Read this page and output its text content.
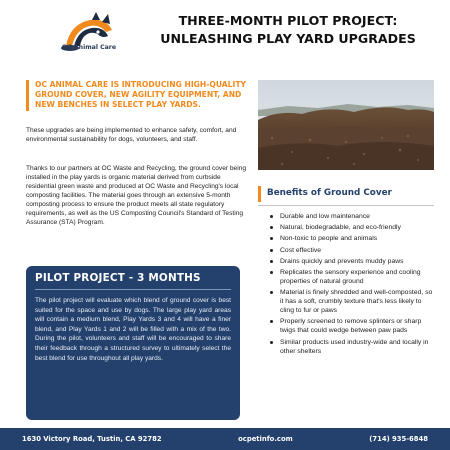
OC Animal Care
THREE-MONTH PILOT PROJECT:
UNLEASHING PLAY YARD UPGRADES
OC ANIMAL CARE IS INTRODUCING HIGH-QUALITY GROUND COVER, NEW AGILITY EQUIPMENT, AND NEW BENCHES IN SELECT PLAY YARDS.
These upgrades are being implemented to enhance safety, comfort, and environmental sustainability for dogs, volunteers, and staff.
Thanks to our partners at OC Waste and Recycling, the ground cover being installed in the play yards is organic material derived from curbside residential green waste and produced at OC Waste and Recycling's local composting facilities. The material goes through an extensive 5-month composting process to ensure the product meets all state regulatory requirements, as well as the US Composting Council's Standard of Testing Assurance (STA) Program.
PILOT PROJECT - 3 MONTHS
The pilot project will evaluate which blend of ground cover is best suited for the space and use by dogs. The large play yard areas will contain a medium blend, Play Yards 3 and 4 will have a finer blend, and Play Yards 1 and 2 will be filled with a mix of the two. During the pilot, volunteers and staff will be encouraged to share their feedback through a structured survey to ultimately select the best blend for use throughout all play yards.
Benefits of Ground Cover
Durable and low maintenance
Natural, biodegradable, and eco-friendly
Non-toxic to people and animals
Cost effective
Drains quickly and prevents muddy paws
Replicates the sensory experience and cooling properties of natural ground
Material is finely shredded and well-composted, so it has a soft, crumbly texture that's less likely to cling to fur or paws
Properly screened to remove splinters or sharp twigs that could wedge between paw pads
Similar products used industry-wide and locally in other shelters
1630 Victory Road, Tustin, CA 92782	ocpetinfo.com	(714) 935-6848
